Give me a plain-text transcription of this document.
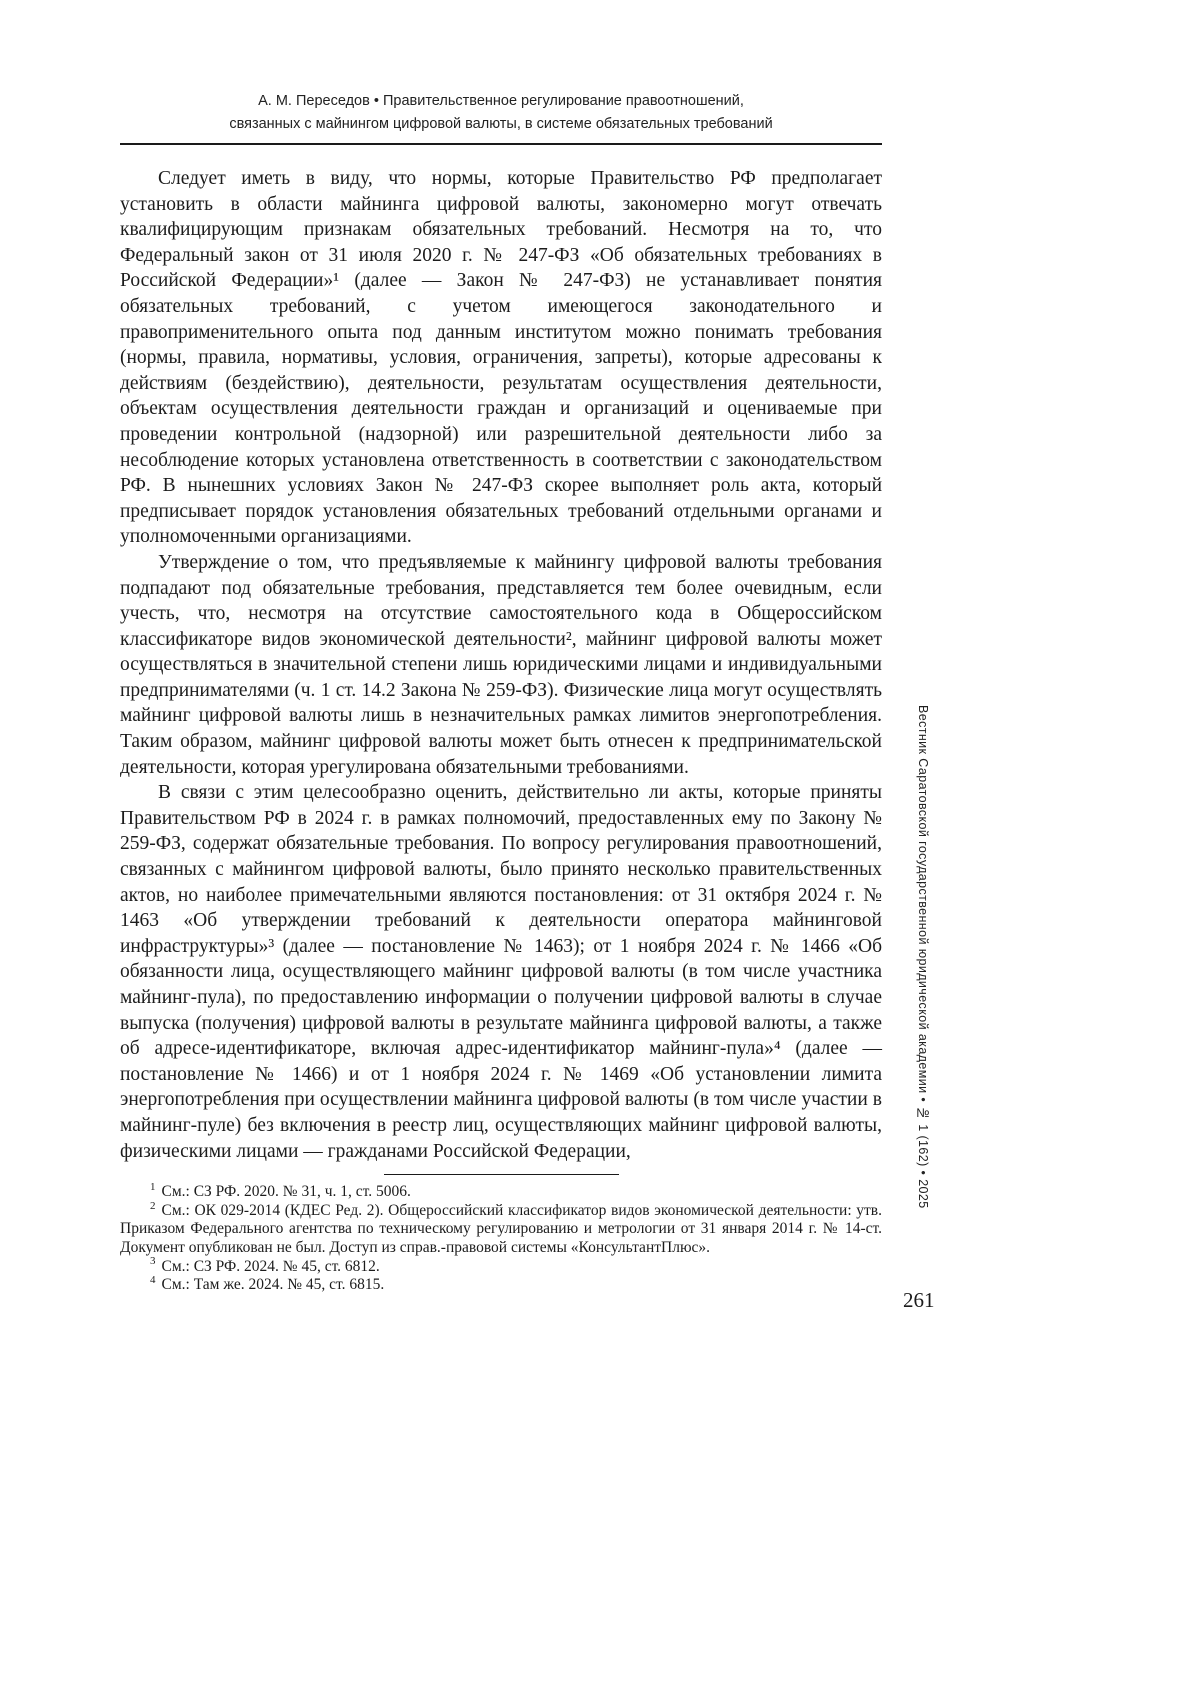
А. М. Переседов • Правительственное регулирование правоотношений,
связанных с майнингом цифровой валюты, в системе обязательных требований

Следует иметь в виду, что нормы, которые Правительство РФ предполагает установить в области майнинга цифровой валюты, закономерно могут отвечать квалифицирующим признакам обязательных требований. Несмотря на то, что Федеральный закон от 31 июля 2020 г. № 247-ФЗ «Об обязательных требованиях в Российской Федерации»¹ (далее — Закон № 247-ФЗ) не устанавливает понятия обязательных требований, с учетом имеющегося законодательного и правоприменительного опыта под данным институтом можно понимать требования (нормы, правила, нормативы, условия, ограничения, запреты), которые адресованы к действиям (бездействию), деятельности, результатам осуществления деятельности, объектам осуществления деятельности граждан и организаций и оцениваемые при проведении контрольной (надзорной) или разрешительной деятельности либо за несоблюдение которых установлена ответственность в соответствии с законодательством РФ. В нынешних условиях Закон № 247-ФЗ скорее выполняет роль акта, который предписывает порядок установления обязательных требований отдельными органами и уполномоченными организациями.

Утверждение о том, что предъявляемые к майнингу цифровой валюты требования подпадают под обязательные требования, представляется тем более очевидным, если учесть, что, несмотря на отсутствие самостоятельного кода в Общероссийском классификаторе видов экономической деятельности², майнинг цифровой валюты может осуществляться в значительной степени лишь юридическими лицами и индивидуальными предпринимателями (ч. 1 ст. 14.2 Закона № 259-ФЗ). Физические лица могут осуществлять майнинг цифровой валюты лишь в незначительных рамках лимитов энергопотребления. Таким образом, майнинг цифровой валюты может быть отнесен к предпринимательской деятельности, которая урегулирована обязательными требованиями.

В связи с этим целесообразно оценить, действительно ли акты, которые приняты Правительством РФ в 2024 г. в рамках полномочий, предоставленных ему по Закону № 259-ФЗ, содержат обязательные требования. По вопросу регулирования правоотношений, связанных с майнингом цифровой валюты, было принято несколько правительственных актов, но наиболее примечательными являются постановления: от 31 октября 2024 г. № 1463 «Об утверждении требований к деятельности оператора майнинговой инфраструктуры»³ (далее — постановление № 1463); от 1 ноября 2024 г. № 1466 «Об обязанности лица, осуществляющего майнинг цифровой валюты (в том числе участника майнинг-пула), по предоставлению информации о получении цифровой валюты в случае выпуска (получения) цифровой валюты в результате майнинга цифровой валюты, а также об адресе-идентификаторе, включая адрес-идентификатор майнинг-пула»⁴ (далее — постановление № 1466) и от 1 ноября 2024 г. № 1469 «Об установлении лимита энергопотребления при осуществлении майнинга цифровой валюты (в том числе участии в майнинг-пуле) без включения в реестр лиц, осуществляющих майнинг цифровой валюты, физическими лицами — гражданами Российской Федерации,

$^1$ См.: СЗ РФ. 2020. № 31, ч. 1, ст. 5006.

$^2$ См.: ОК 029-2014 (КДЕС Ред. 2). Общероссийский классификатор видов экономической деятельности: утв. Приказом Федерального агентства по техническому регулированию и метрологии от 31 января 2014 г. № 14-ст. Документ опубликован не был. Доступ из справ.-правовой системы «КонсультантПлюс».

$^3$ См.: СЗ РФ. 2024. № 45, ст. 6812.

$^4$ См.: Там же. 2024. № 45, ст. 6815.

Вестник Саратовской государственной юридической академии • № 1 (162) • 2025
261
